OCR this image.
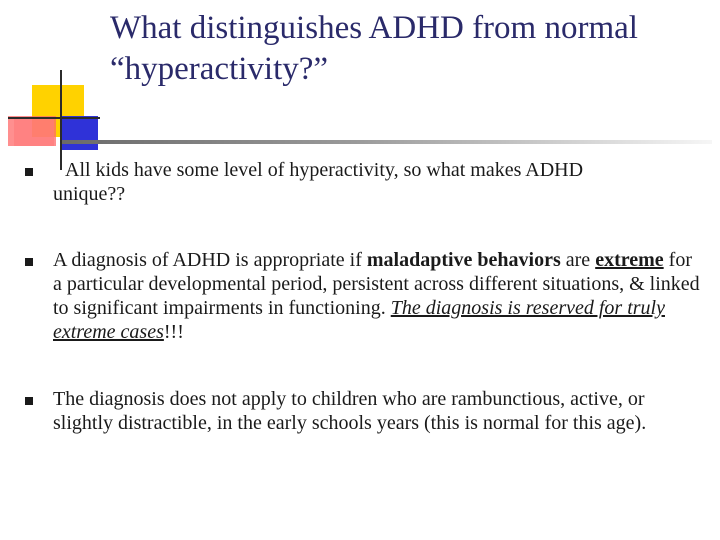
What distinguishes ADHD from normal “hyperactivity?”
All kids have some level of hyperactivity, so what makes ADHD
unique??
A diagnosis of ADHD is appropriate if maladaptive behaviors are extreme for a particular developmental period, persistent across different situations, & linked to significant impairments in functioning. The diagnosis is reserved for truly extreme cases!!!
The diagnosis does not apply to children who are rambunctious, active, or slightly distractible, in the early schools years (this is normal for this age).
